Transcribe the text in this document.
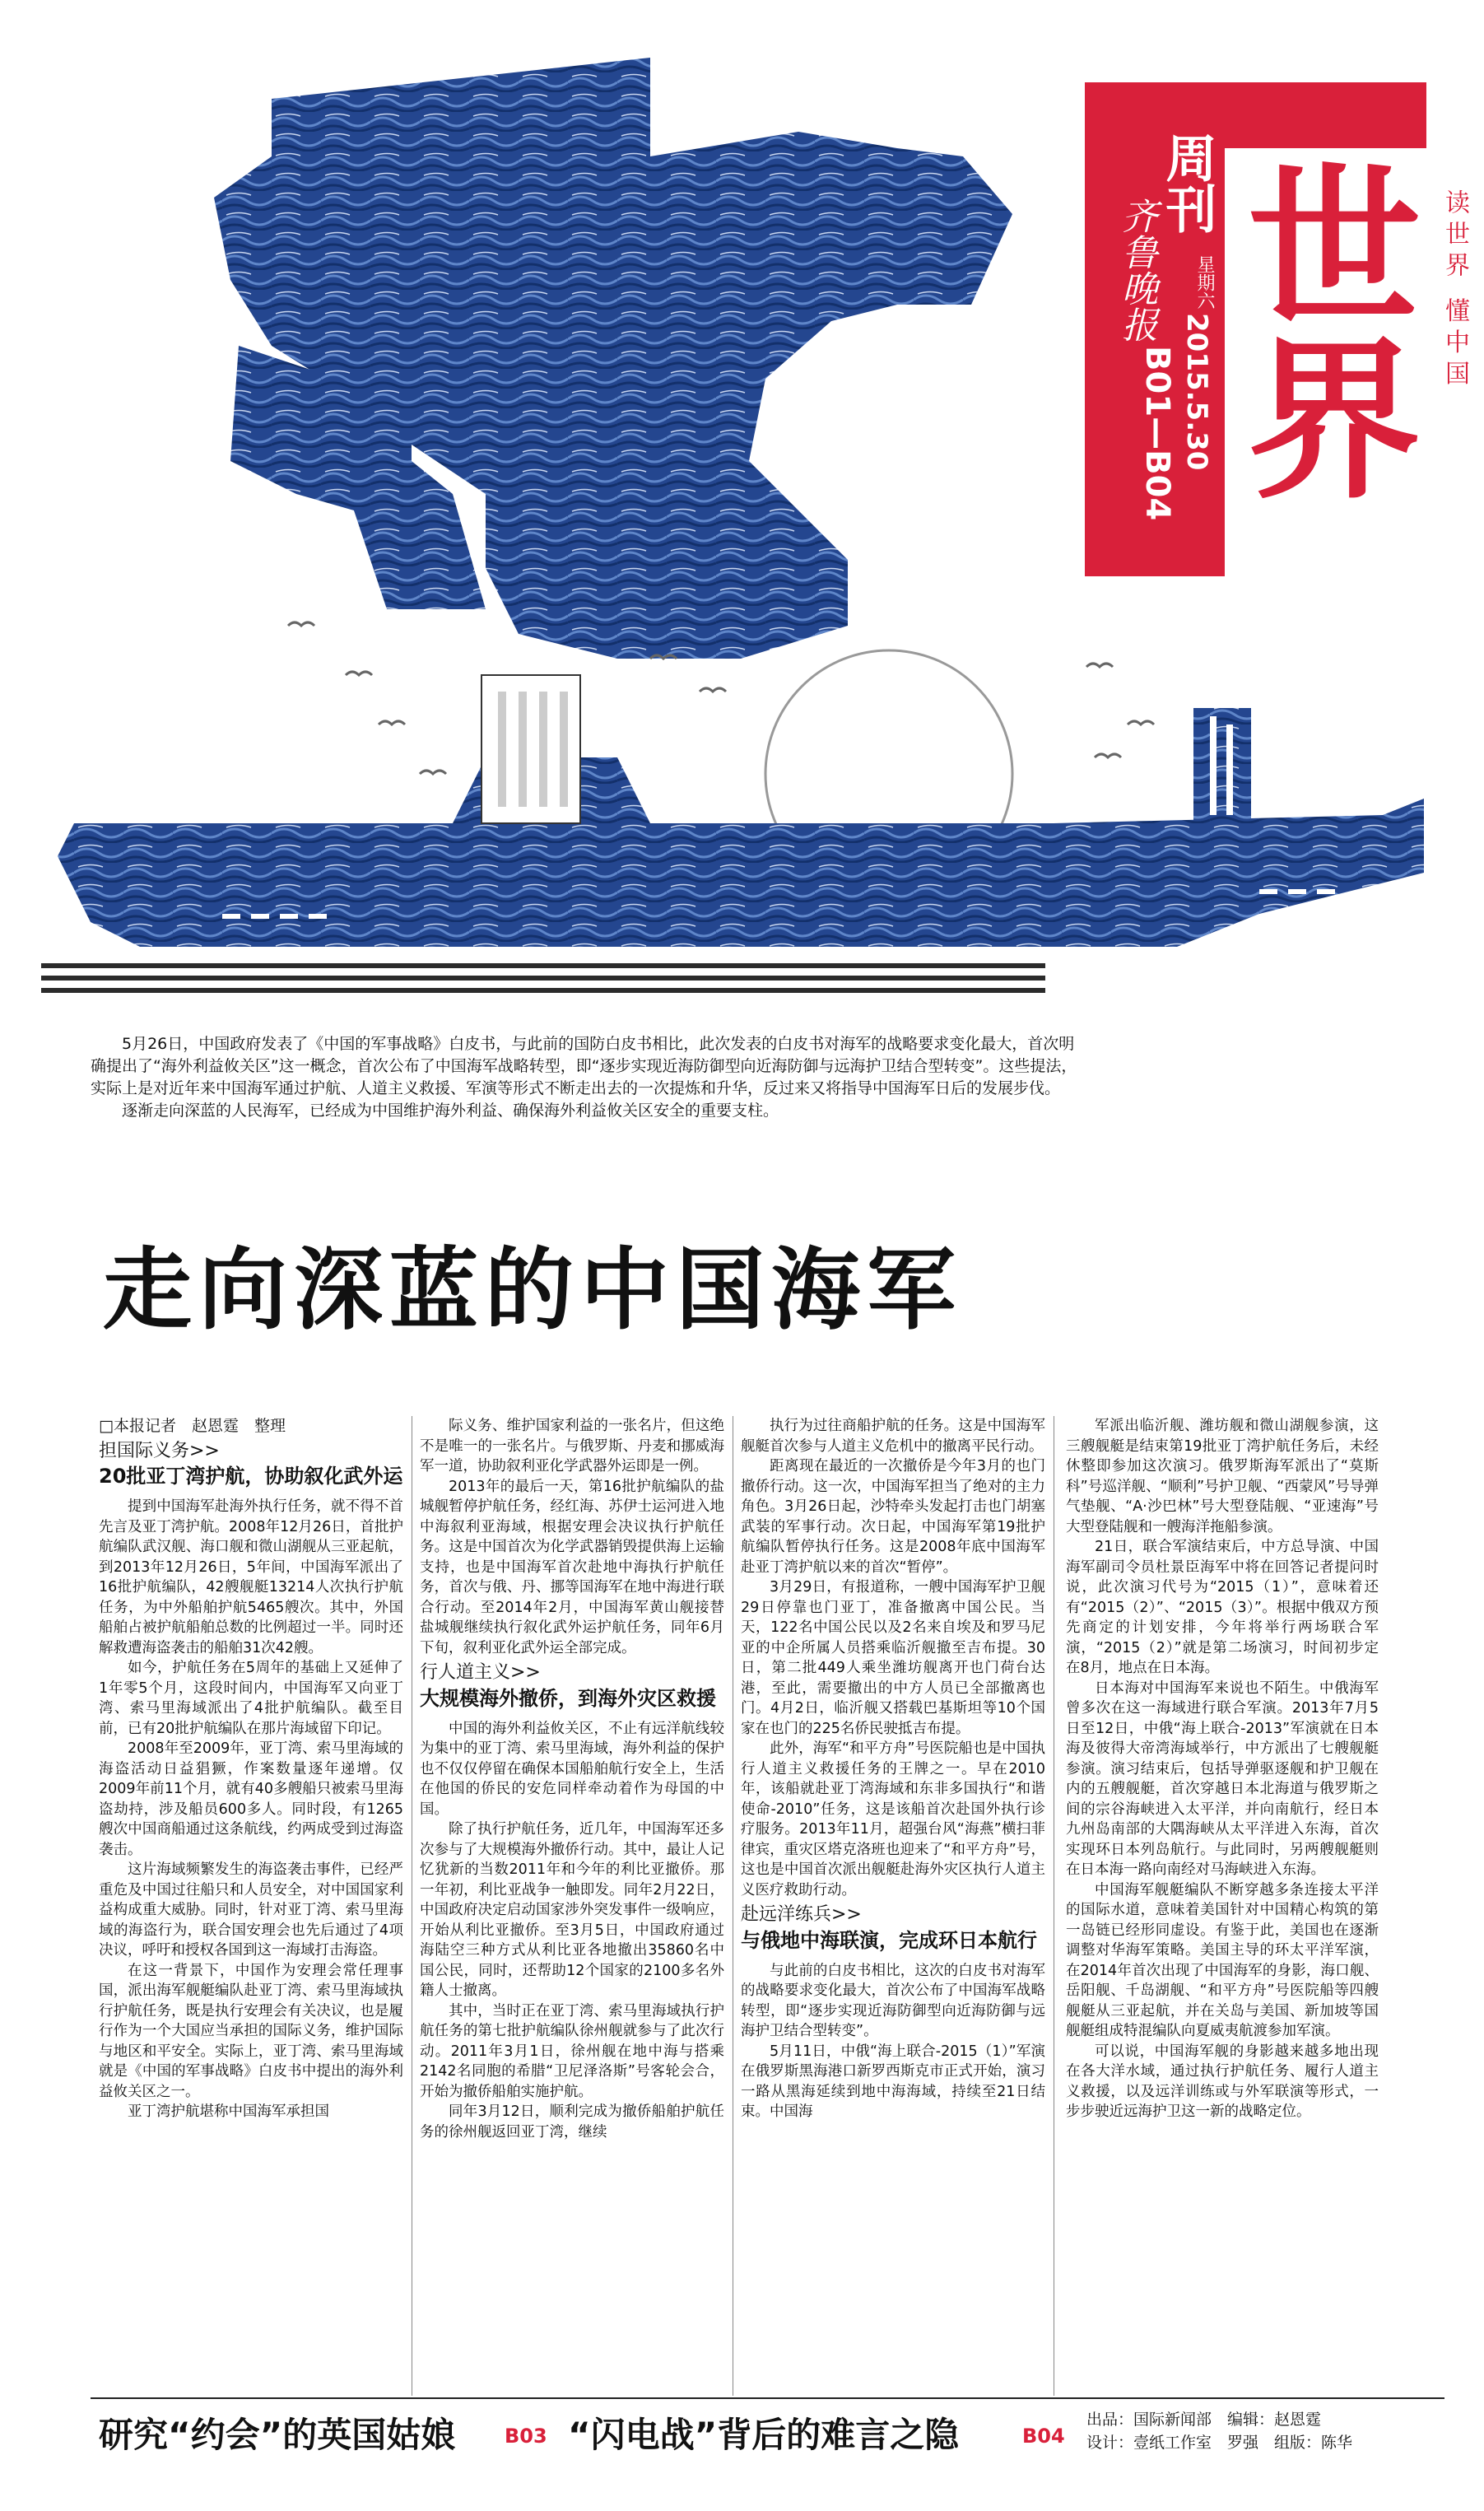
世界
齐鲁晚报
周刊
星期六
2015.5.30
B01—B04
读世界 懂中国

5月26日，中国政府发表了《中国的军事战略》白皮书，与此前的国防白皮书相比，此次发表的白皮书对海军的战略要求变化最大，首次明确提出了“海外利益攸关区”这一概念，首次公布了中国海军战略转型，即“逐步实现近海防御型向近海防御与远海护卫结合型转变”。这些提法，实际上是对近年来中国海军通过护航、人道主义救援、军演等形式不断走出去的一次提炼和升华，反过来又将指导中国海军日后的发展步伐。

逐渐走向深蓝的人民海军，已经成为中国维护海外利益、确保海外利益攸关区安全的重要支柱。

走向深蓝的中国海军
□本报记者　赵恩霆　整理
担国际义务>>
20批亚丁湾护航，协助叙化武外运

提到中国海军赴海外执行任务，就不得不首先言及亚丁湾护航。2008年12月26日，首批护航编队武汉舰、海口舰和微山湖舰从三亚起航，到2013年12月26日，5年间，中国海军派出了16批护航编队，42艘舰艇13214人次执行护航任务，为中外船舶护航5465艘次。其中，外国船舶占被护航船舶总数的比例超过一半。同时还解救遭海盗袭击的船舶31次42艘。

如今，护航任务在5周年的基础上又延伸了1年零5个月，这段时间内，中国海军又向亚丁湾、索马里海域派出了4批护航编队。截至目前，已有20批护航编队在那片海域留下印记。

2008年至2009年，亚丁湾、索马里海域的海盗活动日益猖獗，作案数量逐年递增。仅2009年前11个月，就有40多艘船只被索马里海盗劫持，涉及船员600多人。同时段，有1265艘次中国商船通过这条航线，约两成受到过海盗袭击。

这片海域频繁发生的海盗袭击事件，已经严重危及中国过往船只和人员安全，对中国国家利益构成重大威胁。同时，针对亚丁湾、索马里海域的海盗行为，联合国安理会也先后通过了4项决议，呼吁和授权各国到这一海域打击海盗。

在这一背景下，中国作为安理会常任理事国，派出海军舰艇编队赴亚丁湾、索马里海域执行护航任务，既是执行安理会有关决议，也是履行作为一个大国应当承担的国际义务，维护国际与地区和平安全。实际上，亚丁湾、索马里海域就是《中国的军事战略》白皮书中提出的海外利益攸关区之一。

亚丁湾护航堪称中国海军承担国

际义务、维护国家利益的一张名片，但这绝不是唯一的一张名片。与俄罗斯、丹麦和挪威海军一道，协助叙利亚化学武器外运即是一例。

2013年的最后一天，第16批护航编队的盐城舰暂停护航任务，经红海、苏伊士运河进入地中海叙利亚海域，根据安理会决议执行护航任务。这是中国首次为化学武器销毁提供海上运输支持，也是中国海军首次赴地中海执行护航任务，首次与俄、丹、挪等国海军在地中海进行联合行动。至2014年2月，中国海军黄山舰接替盐城舰继续执行叙化武外运护航任务，同年6月下旬，叙利亚化武外运全部完成。

行人道主义>>
大规模海外撤侨，到海外灾区救援

中国的海外利益攸关区，不止有远洋航线较为集中的亚丁湾、索马里海域，海外利益的保护也不仅仅停留在确保本国船舶航行安全上，生活在他国的侨民的安危同样牵动着作为母国的中国。

除了执行护航任务，近几年，中国海军还多次参与了大规模海外撤侨行动。其中，最让人记忆犹新的当数2011年和今年的利比亚撤侨。那一年初，利比亚战争一触即发。同年2月22日，中国政府决定启动国家涉外突发事件一级响应，开始从利比亚撤侨。至3月5日，中国政府通过海陆空三种方式从利比亚各地撤出35860名中国公民，同时，还帮助12个国家的2100多名外籍人士撤离。

其中，当时正在亚丁湾、索马里海域执行护航任务的第七批护航编队徐州舰就参与了此次行动。2011年3月1日，徐州舰在地中海与搭乘2142名同胞的希腊“卫尼泽洛斯”号客轮会合，开始为撤侨船舶实施护航。

同年3月12日，顺利完成为撤侨船舶护航任务的徐州舰返回亚丁湾，继续

执行为过往商船护航的任务。这是中国海军舰艇首次参与人道主义危机中的撤离平民行动。

距离现在最近的一次撤侨是今年3月的也门撤侨行动。这一次，中国海军担当了绝对的主力角色。3月26日起，沙特牵头发起打击也门胡塞武装的军事行动。次日起，中国海军第19批护航编队暂停执行任务。这是2008年底中国海军赴亚丁湾护航以来的首次“暂停”。

3月29日，有报道称，一艘中国海军护卫舰29日停靠也门亚丁，准备撤离中国公民。当天，122名中国公民以及2名来自埃及和罗马尼亚的中企所属人员搭乘临沂舰撤至吉布提。30日，第二批449人乘坐潍坊舰离开也门荷台达港，至此，需要撤出的中方人员已全部撤离也门。4月2日，临沂舰又搭载巴基斯坦等10个国家在也门的225名侨民驶抵吉布提。

此外，海军“和平方舟”号医院船也是中国执行人道主义救援任务的王牌之一。早在2010年，该船就赴亚丁湾海域和东非多国执行“和谐使命-2010”任务，这是该船首次赴国外执行诊疗服务。2013年11月，超强台风“海燕”横扫菲律宾，重灾区塔克洛班也迎来了“和平方舟”号，这也是中国首次派出舰艇赴海外灾区执行人道主义医疗救助行动。

赴远洋练兵>>
与俄地中海联演，完成环日本航行

与此前的白皮书相比，这次的白皮书对海军的战略要求变化最大，首次公布了中国海军战略转型，即“逐步实现近海防御型向近海防御与远海护卫结合型转变”。

5月11日，中俄“海上联合-2015（1）”军演在俄罗斯黑海港口新罗西斯克市正式开始，演习一路从黑海延续到地中海海域，持续至21日结束。中国海

军派出临沂舰、潍坊舰和微山湖舰参演，这三艘舰艇是结束第19批亚丁湾护航任务后，未经休整即参加这次演习。俄罗斯海军派出了“莫斯科”号巡洋舰、“顺利”号护卫舰、“西蒙风”号导弹气垫舰、“A·沙巴林”号大型登陆舰、“亚速海”号大型登陆舰和一艘海洋拖船参演。

21日，联合军演结束后，中方总导演、中国海军副司令员杜景臣海军中将在回答记者提问时说，此次演习代号为“2015（1）”，意味着还有“2015（2）”、“2015（3）”。根据中俄双方预先商定的计划安排，今年将举行两场联合军演，“2015（2）”就是第二场演习，时间初步定在8月，地点在日本海。

日本海对中国海军来说也不陌生。中俄海军曾多次在这一海域进行联合军演。2013年7月5日至12日，中俄“海上联合-2013”军演就在日本海及彼得大帝湾海域举行，中方派出了七艘舰艇参演。演习结束后，包括导弹驱逐舰和护卫舰在内的五艘舰艇，首次穿越日本北海道与俄罗斯之间的宗谷海峡进入太平洋，并向南航行，经日本九州岛南部的大隅海峡从太平洋进入东海，首次实现环日本列岛航行。与此同时，另两艘舰艇则在日本海一路向南经对马海峡进入东海。

中国海军舰艇编队不断穿越多条连接太平洋的国际水道，意味着美国针对中国精心构筑的第一岛链已经形同虚设。有鉴于此，美国也在逐渐调整对华海军策略。美国主导的环太平洋军演，在2014年首次出现了中国海军的身影，海口舰、岳阳舰、千岛湖舰、“和平方舟”号医院船等四艘舰艇从三亚起航，并在关岛与美国、新加坡等国舰艇组成特混编队向夏威夷航渡参加军演。

可以说，中国海军舰的身影越来越多地出现在各大洋水域，通过执行护航任务、履行人道主义救援，以及远洋训练或与外军联演等形式，一步步驶近远海护卫这一新的战略定位。

研究“约会”的英国姑娘 B03 “闪电战”背后的难言之隐	B04
出品：国际新闻部　编辑：赵恩霆
设计：壹纸工作室　罗强　组版：陈华
